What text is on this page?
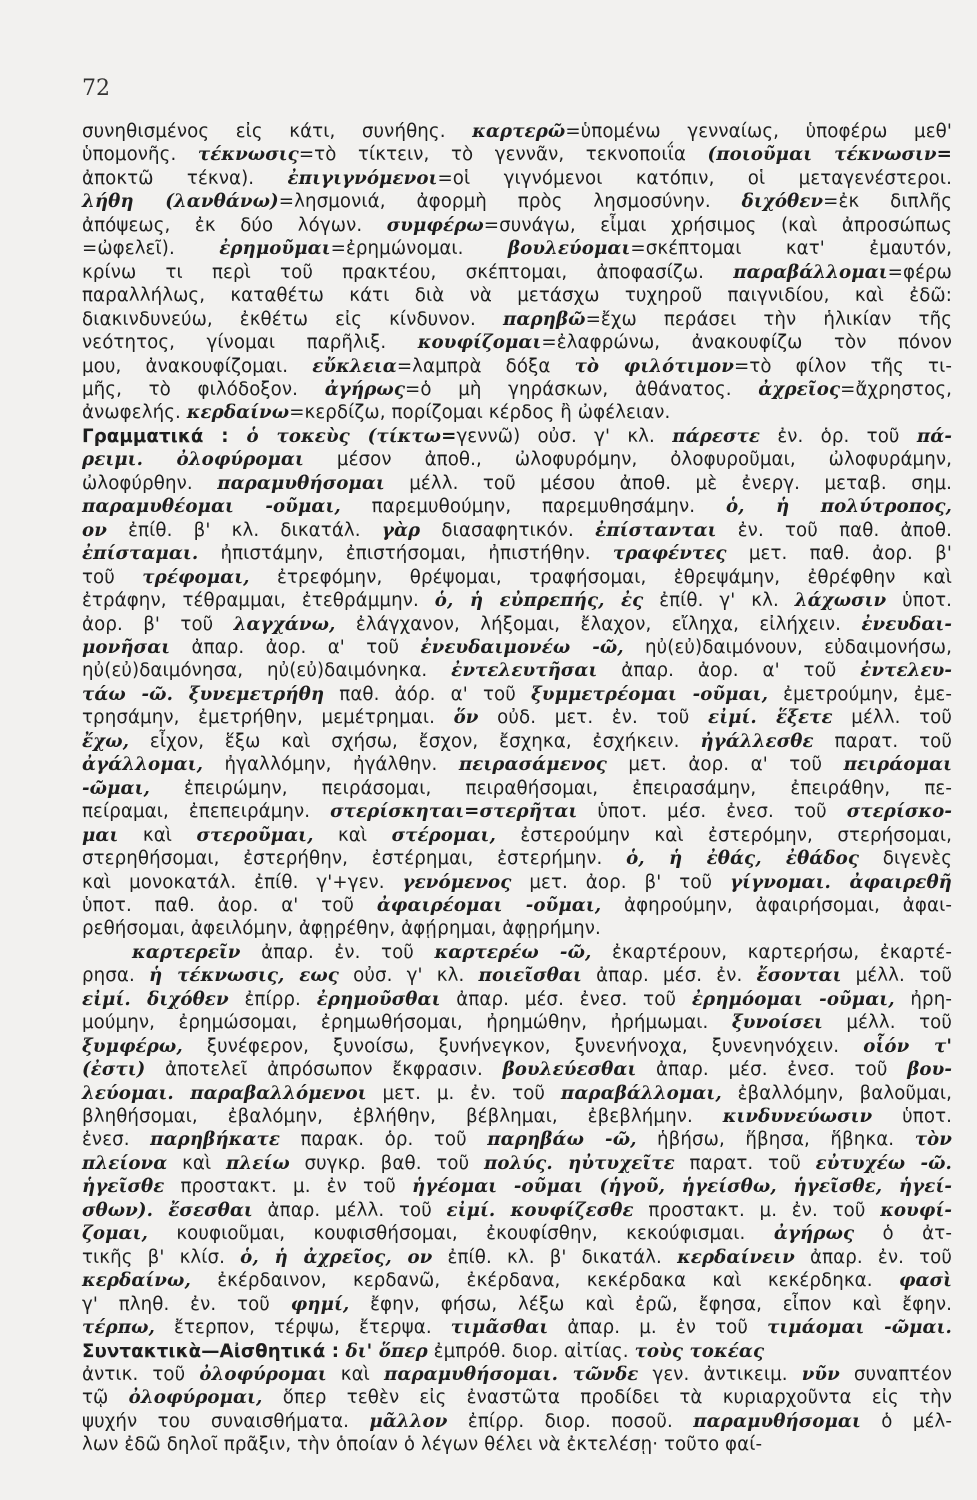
72
συνηθισμένος εἰς κάτι, συνήθης. καρτερῶ=ὑπομένω γενναίως, ὑποφέρω μεθ'
ὑπομονῆς. τέκνωσις=τὸ τίκτειν, τὸ γεννᾶν, τεκνοποιΐα (ποιοῦμαι τέκνωσιν=
ἀποκτῶ τέκνα). ἐπιγιγνόμενοι=οἱ γιγνόμενοι κατόπιν, οἱ μεταγενέστεροι.
λήθη (λανθάνω)=λησμονιά, ἀφορμὴ πρὸς λησμοσύνην. διχόθεν=ἐκ διπλῆς
ἀπόψεως, ἐκ δύο λόγων. συμφέρω=συνάγω, εἶμαι χρήσιμος (καὶ ἀπροσώπως
=ὠφελεῖ). ἐρημοῦμαι=ἐρημώνομαι. βουλεύομαι=σκέπτομαι κατ' ἐμαυτόν,
κρίνω τι περὶ τοῦ πρακτέου, σκέπτομαι, ἀποφασίζω. παραβάλλομαι=φέρω
παραλλήλως, καταθέτω κάτι διὰ νὰ μετάσχω τυχηροῦ παιγνιδίου, καὶ ἐδῶ:
διακινδυνεύω, ἐκθέτω εἰς κίνδυνον. παρηβῶ=ἔχω περάσει τὴν ἡλικίαν τῆς
νεότητος, γίνομαι παρῆλιξ. κουφίζομαι=ἐλαφρώνω, ἀνακουφίζω τὸν πόνον
μου, ἀνακουφίζομαι. εὔκλεια=λαμπρὰ δόξα τὸ φιλότιμον=τὸ φίλον τῆς τι-
μῆς, τὸ φιλόδοξον. ἀγήρως=ὁ μὴ γηράσκων, ἀθάνατος. ἀχρεῖος=ἄχρηστος,
ἀνωφελής. κερδαίνω=κερδίζω, πορίζομαι κέρδος ἢ ὠφέλειαν.
Γραμματικά : ὁ τοκεὺς (τίκτω=γεννῶ) οὐσ. γ' κλ. πάρεστε ἐν. ὁρ. τοῦ πά-
ρειμι. ὀλοφύρομαι μέσον ἀποθ., ὠλοφυρόμην, ὀλοφυροῦμαι, ὠλοφυράμην,
ὠλοφύρθην. παραμυθήσομαι μέλλ. τοῦ μέσου ἀποθ. μὲ ἐνεργ. μεταβ. σημ.
παραμυθέομαι -οῦμαι, παρεμυθούμην, παρεμυθησάμην. ὁ, ἡ πολύτροπος,
ον ἐπίθ. β' κλ. δικατάλ. γὰρ διασαφητικόν. ἐπίστανται ἐν. τοῦ παθ. ἀποθ.
ἐπίσταμαι. ἠπιστάμην, ἐπιστήσομαι, ἠπιστήθην. τραφέντες μετ. παθ. ἀορ. β'
τοῦ τρέφομαι, ἐτρεφόμην, θρέψομαι, τραφήσομαι, ἐθρεψάμην, ἐθρέφθην καὶ
ἐτράφην, τέθραμμαι, ἐτεθράμμην. ὁ, ἡ εὐπρεπής, ἐς ἐπίθ. γ' κλ. λάχωσιν ὑποτ.
ἀορ. β' τοῦ λαγχάνω, ἐλάγχανον, λήξομαι, ἔλαχον, εἴληχα, εἰλήχειν. ἐνευδαι-
μονῆσαι ἀπαρ. ἀορ. α' τοῦ ἐνευδαιμονέω -ῶ, ηὐ(εὐ)δαιμόνουν, εὐδαιμονήσω,
ηὐ(εὐ)δαιμόνησα, ηὐ(εὐ)δαιμόνηκα. ἐντελευτῆσαι ἀπαρ. ἀορ. α' τοῦ ἐντελευ-
τάω -ῶ. ξυνεμετρήθη παθ. ἀόρ. α' τοῦ ξυμμετρέομαι -οῦμαι, ἐμετρούμην, ἐμε-
τρησάμην, ἐμετρήθην, μεμέτρημαι. ὅν οὐδ. μετ. ἐν. τοῦ εἰμί. ἕξετε μέλλ. τοῦ
ἔχω, εἶχον, ἕξω καὶ σχήσω, ἔσχον, ἔσχηκα, ἐσχήκειν. ἠγάλλεσθε παρατ. τοῦ
ἀγάλλομαι, ἠγαλλόμην, ἠγάλθην. πειρασάμενος μετ. ἀορ. α' τοῦ πειράομαι
-ῶμαι, ἐπειρώμην, πειράσομαι, πειραθήσομαι, ἐπειρασάμην, ἐπειράθην, πε-
πείραμαι, ἐπεπειράμην. στερίσκηται=στερῆται ὑποτ. μέσ. ἐνεσ. τοῦ στερίσκο-
μαι καὶ στεροῦμαι, καὶ στέρομαι, ἐστερούμην καὶ ἐστερόμην, στερήσομαι,
στερηθήσομαι, ἐστερήθην, ἐστέρημαι, ἐστερήμην. ὁ, ἡ ἐθάς, ἐθάδος διγενὲς
καὶ μονοκατάλ. ἐπίθ. γ'+γεν. γενόμενος μετ. ἀορ. β' τοῦ γίγνομαι. ἀφαιρεθῆ
ὑποτ. παθ. ἀορ. α' τοῦ ἀφαιρέομαι -οῦμαι, ἀφηρούμην, ἀφαιρήσομαι, ἀφαι-
ρεθήσομαι, ἀφειλόμην, ἀφῃρέθην, ἀφῄρημαι, ἀφῃρήμην.
καρτερεῖν ἀπαρ. ἐν. τοῦ καρτερέω -ῶ, ἐκαρτέρουν, καρτερήσω, ἐκαρτέ-
ρησα. ἡ τέκνωσις, εως οὐσ. γ' κλ. ποιεῖσθαι ἀπαρ. μέσ. ἐν. ἔσονται μέλλ. τοῦ
εἰμί. διχόθεν ἐπίρρ. ἐρημοῦσθαι ἀπαρ. μέσ. ἐνεσ. τοῦ ἐρημόομαι -οῦμαι, ἠρη-
μούμην, ἐρημώσομαι, ἐρημωθήσομαι, ἠρημώθην, ἠρήμωμαι. ξυνοίσει μέλλ. τοῦ
ξυμφέρω, ξυνέφερον, ξυνοίσω, ξυνήνεγκον, ξυνενήνοχα, ξυνενηνόχειν. οἷόν τ'
(ἐστι) ἀποτελεῖ ἀπρόσωπον ἔκφρασιν. βουλεύεσθαι ἀπαρ. μέσ. ἐνεσ. τοῦ βου-
λεύομαι. παραβαλλόμενοι μετ. μ. ἐν. τοῦ παραβάλλομαι, ἐβαλλόμην, βαλοῦμαι,
βληθήσομαι, ἐβαλόμην, ἐβλήθην, βέβλημαι, ἐβεβλήμην. κινδυνεύωσιν ὑποτ.
ἐνεσ. παρηβήκατε παρακ. ὁρ. τοῦ παρηβάω -ῶ, ἡβήσω, ἥβησα, ἥβηκα. τὸν
πλείονα καὶ πλείω συγκρ. βαθ. τοῦ πολύς. ηὐτυχεῖτε παρατ. τοῦ εὐτυχέω -ῶ.
ἡγεῖσθε προστακτ. μ. ἐν τοῦ ἡγέομαι -οῦμαι (ἡγοῦ, ἡγείσθω, ἡγεῖσθε, ἡγεί-
σθων). ἔσεσθαι ἀπαρ. μέλλ. τοῦ εἰμί. κουφίζεσθε προστακτ. μ. ἐν. τοῦ κουφί-
ζομαι, κουφιοῦμαι, κουφισθήσομαι, ἐκουφίσθην, κεκούφισμαι. ἀγήρως ὁ ἀτ-
τικῆς β' κλίσ. ὁ, ἡ ἀχρεῖος, ον ἐπίθ. κλ. β' δικατάλ. κερδαίνειν ἀπαρ. ἐν. τοῦ
κερδαίνω, ἐκέρδαινον, κερδανῶ, ἐκέρδανα, κεκέρδακα καὶ κεκέρδηκα. φασὶ
γ' πληθ. ἐν. τοῦ φημί, ἔφην, φήσω, λέξω καὶ ἐρῶ, ἔφησα, εἶπον καὶ ἔφην.
τέρπω, ἔτερπον, τέρψω, ἔτερψα. τιμᾶσθαι ἀπαρ. μ. ἐν τοῦ τιμάομαι -ῶμαι.
Συντακτικὰ—Αἰσθητικά : δι' ὅπερ ἐμπρόθ. διορ. αἰτίας. τοὺς τοκέας
ἀντικ. τοῦ ὀλοφύρομαι καὶ παραμυθήσομαι. τῶνδε γεν. ἀντικειμ. νῦν συναπτέον
τῷ ὀλοφύρομαι, ὅπερ τεθὲν εἰς ἐναστῶτα προδίδει τὰ κυριαρχοῦντα εἰς τὴν
ψυχήν του συναισθήματα. μᾶλλον ἐπίρρ. διορ. ποσοῦ. παραμυθήσομαι ὁ μέλ-
λων ἐδῶ δηλοῖ πρᾶξιν, τὴν ὁποίαν ὁ λέγων θέλει νὰ ἐκτελέσῃ· τοῦτο φαί-
